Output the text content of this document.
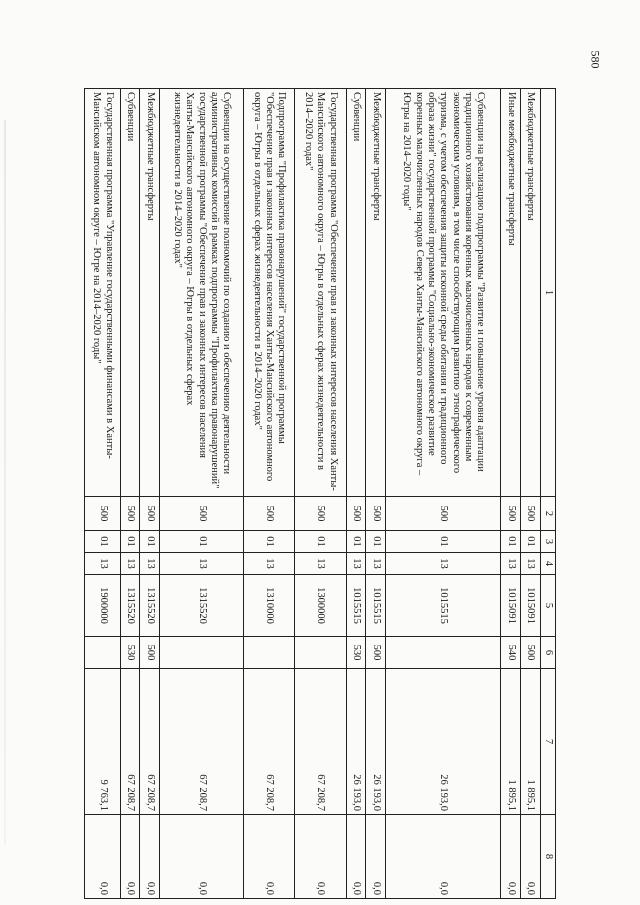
580
1	2	3	4	5	6	7	8
Межбюджетные трансферты	500	01	13	1015091	500	1 895,1	0,0
Иные межбюджетные трансферты	500	01	13	1015091	540	1 895,1	0,0
Субвенции на реализацию подпрограммы "Развитие и повышение уровня адаптации традиционного хозяйствования коренных малочисленных народов к современным экономическим условиям, в том числе способствующим развитию этнографического туризма, с учетом обеспечения защиты исконной среды обитания и традиционного образа жизни" государственной программы "Социально-экономическое развитие коренных малочисленных народов Севера Ханты-Мансийского автономного округа – Югры на 2014–2020 годы"	500	01	13	1015515		26 193,0	0,0
Межбюджетные трансферты	500	01	13	1015515	500	26 193,0	0,0
Субвенции	500	01	13	1015515	530	26 193,0	0,0
Государственная программа "Обеспечение прав и законных интересов населения Ханты-Мансийского автономного округа – Югры в отдельных сферах жизнедеятельности в 2014–2020 годах"	500	01	13	1300000		67 208,7	0,0
Подпрограмма "Профилактика правонарушений" государственной программы "Обеспечение прав и законных интересов населения Ханты-Мансийского автономного округа – Югры в отдельных сферах жизнедеятельности в 2014–2020 годах"	500	01	13	1310000		67 208,7	0,0
Субвенции на осуществление полномочий по созданию и обеспечению деятельности административных комиссий в рамках подпрограммы "Профилактика правонарушений" государственной программы "Обеспечение прав и законных интересов населения Ханты-Мансийского автономного округа – Югры в отдельных сферах жизнедеятельности в 2014–2020 годах"	500	01	13	1315520		67 208,7	0,0
Межбюджетные трансферты	500	01	13	1315520	500	67 208,7	0,0
Субвенции	500	01	13	1315520	530	67 208,7	0,0
Государственная программа "Управление государственными финансами в Ханты-Мансийском автономном округе – Югре на 2014–2020 годы"	500	01	13	1900000		9 763,1	0,0
